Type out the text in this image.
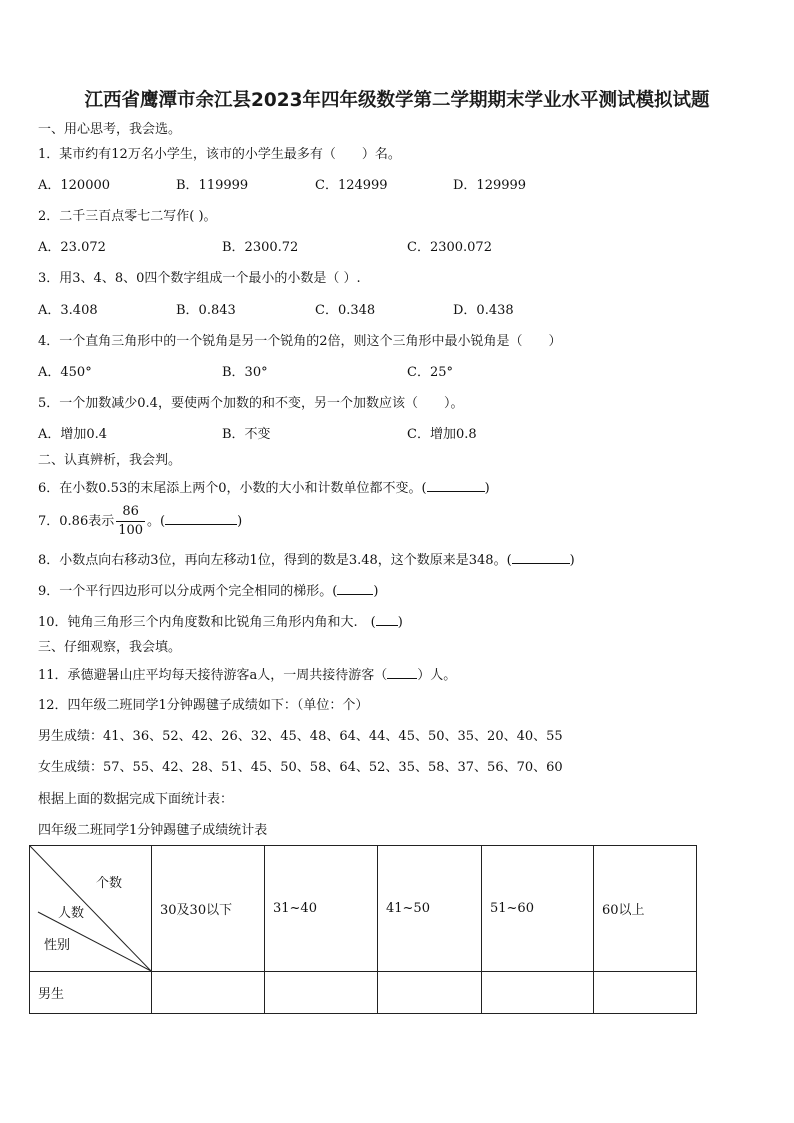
江西省鹰潭市余江县2023年四年级数学第二学期期末学业水平测试模拟试题
一、用心思考，我会选。
1．某市约有12万名小学生，该市的小学生最多有（　　）名。
A．120000	B．119999	C．124999	D．129999
2．二千三百点零七二写作( )。
A．23.072	B．2300.72	C．2300.072
3．用3、4、8、0四个数字组成一个最小的小数是（ ）.
A．3.408	B．0.843	C．0.348	D．0.438
4．一个直角三角形中的一个锐角是另一个锐角的2倍，则这个三角形中最小锐角是（　　）
A．450°	B．30°	C．25°
5．一个加数减少0.4，要使两个加数的和不变，另一个加数应该（　　）。
A．增加0.4	B．不变	C．增加0.8
二、认真辨析，我会判。
6．在小数0.53的末尾添上两个0，小数的大小和计数单位都不变。(	)
7．0.86表示 $\frac{86}{100}$ 。(	)
8．小数点向右移动3位，再向左移动1位，得到的数是3.48，这个数原来是348。(	)
9．一个平行四边形可以分成两个完全相同的梯形。(	)
10．钝角三角形三个内角度数和比锐角三角形内角和大.　( )
三、仔细观察，我会填。
11．承德避暑山庄平均每天接待游客a人，一周共接待游客（ ）人。
12．四年级二班同学1分钟踢毽子成绩如下：（单位：个）
男生成绩：41、36、52、42、26、32、45、48、64、44、45、50、35、20、40、55
女生成绩：57、55、42、28、51、45、50、58、64、52、35、58、37、56、70、60
根据上面的数据完成下面统计表：
四年级二班同学1分钟踢毽子成绩统计表
个数
人数
性别	30及30以下	31~40	41~50	51~60	60以上
男生					
